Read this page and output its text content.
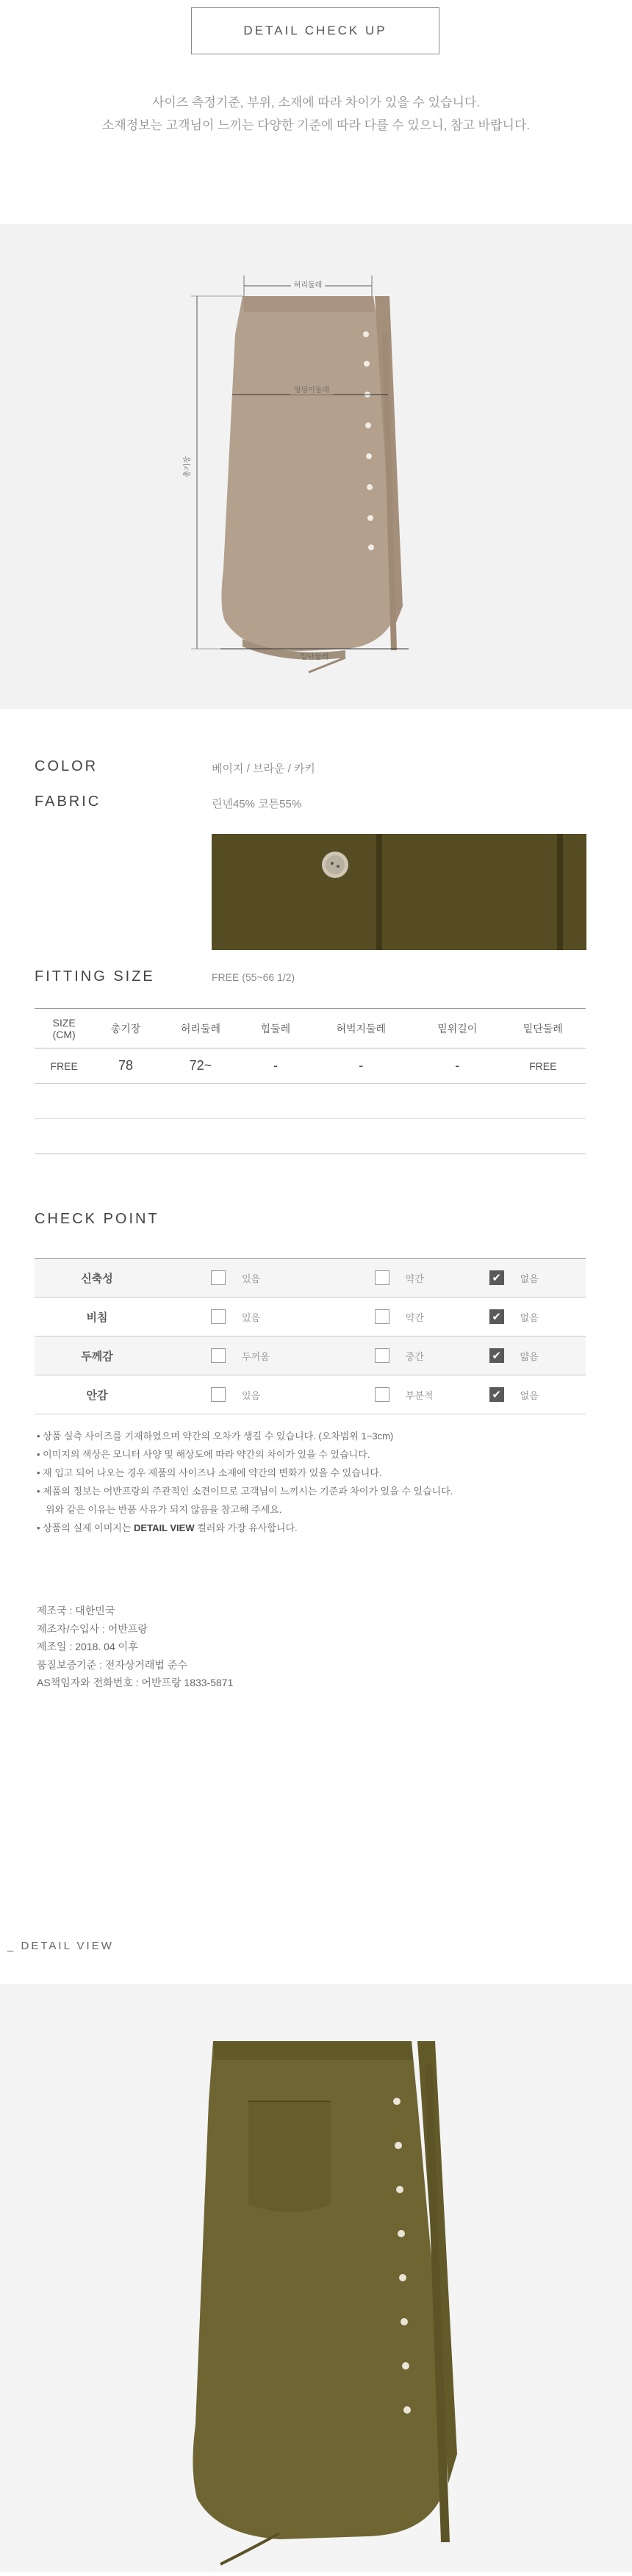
DETAIL CHECK UP
사이즈 측정기준, 부위, 소재에 따라 차이가 있을 수 있습니다.
소재정보는 고객님이 느끼는 다양한 기준에 따라 다를 수 있으니, 참고 바랍니다.
허리둘레
엉덩이둘레
총기장
밑단둘레
COLOR	베이지 / 브라운 / 카키
FABRIC	린넨45% 코튼55%
FITTING SIZE	FREE (55~66 1/2)
SIZE
(CM)	총기장	허리둘레	힙둘레	허벅지둘레	밑위길이	밑단둘레
FREE	78	72~	-	-	-	FREE

CHECK POINT
신축성	있음	약간	✔ 없음

비침	있음	약간	✔ 없음

두께감	두꺼움	중간	✔ 얇음

안감	있음	부분적	✔ 없음
• 상품 실측 사이즈를 기재하였으며 약간의 오차가 생길 수 있습니다. (오차범위 1~3cm)
• 이미지의 색상은 모니터 사양 및 해상도에 따라 약간의 차이가 있을 수 있습니다.
• 재 입고 되어 나오는 경우 제품의 사이즈나 소재에 약간의 변화가 있을 수 있습니다.
• 제품의 정보는 어반프랑의 주관적인 소견이므로 고객님이 느끼시는 기준과 차이가 있을 수 있습니다.
위와 같은 이유는 반품 사유가 되지 않음을 참고해 주세요.
• 상품의 실제 이미지는 DETAIL VIEW 컬러와 가장 유사합니다.
제조국 : 대한민국
제조자/수입사 : 어반프랑
제조일 : 2018. 04 이후
품질보증기준 : 전자상거래법 준수
AS책임자와 전화번호 : 어반프랑 1833-5871
_ DETAIL VIEW
